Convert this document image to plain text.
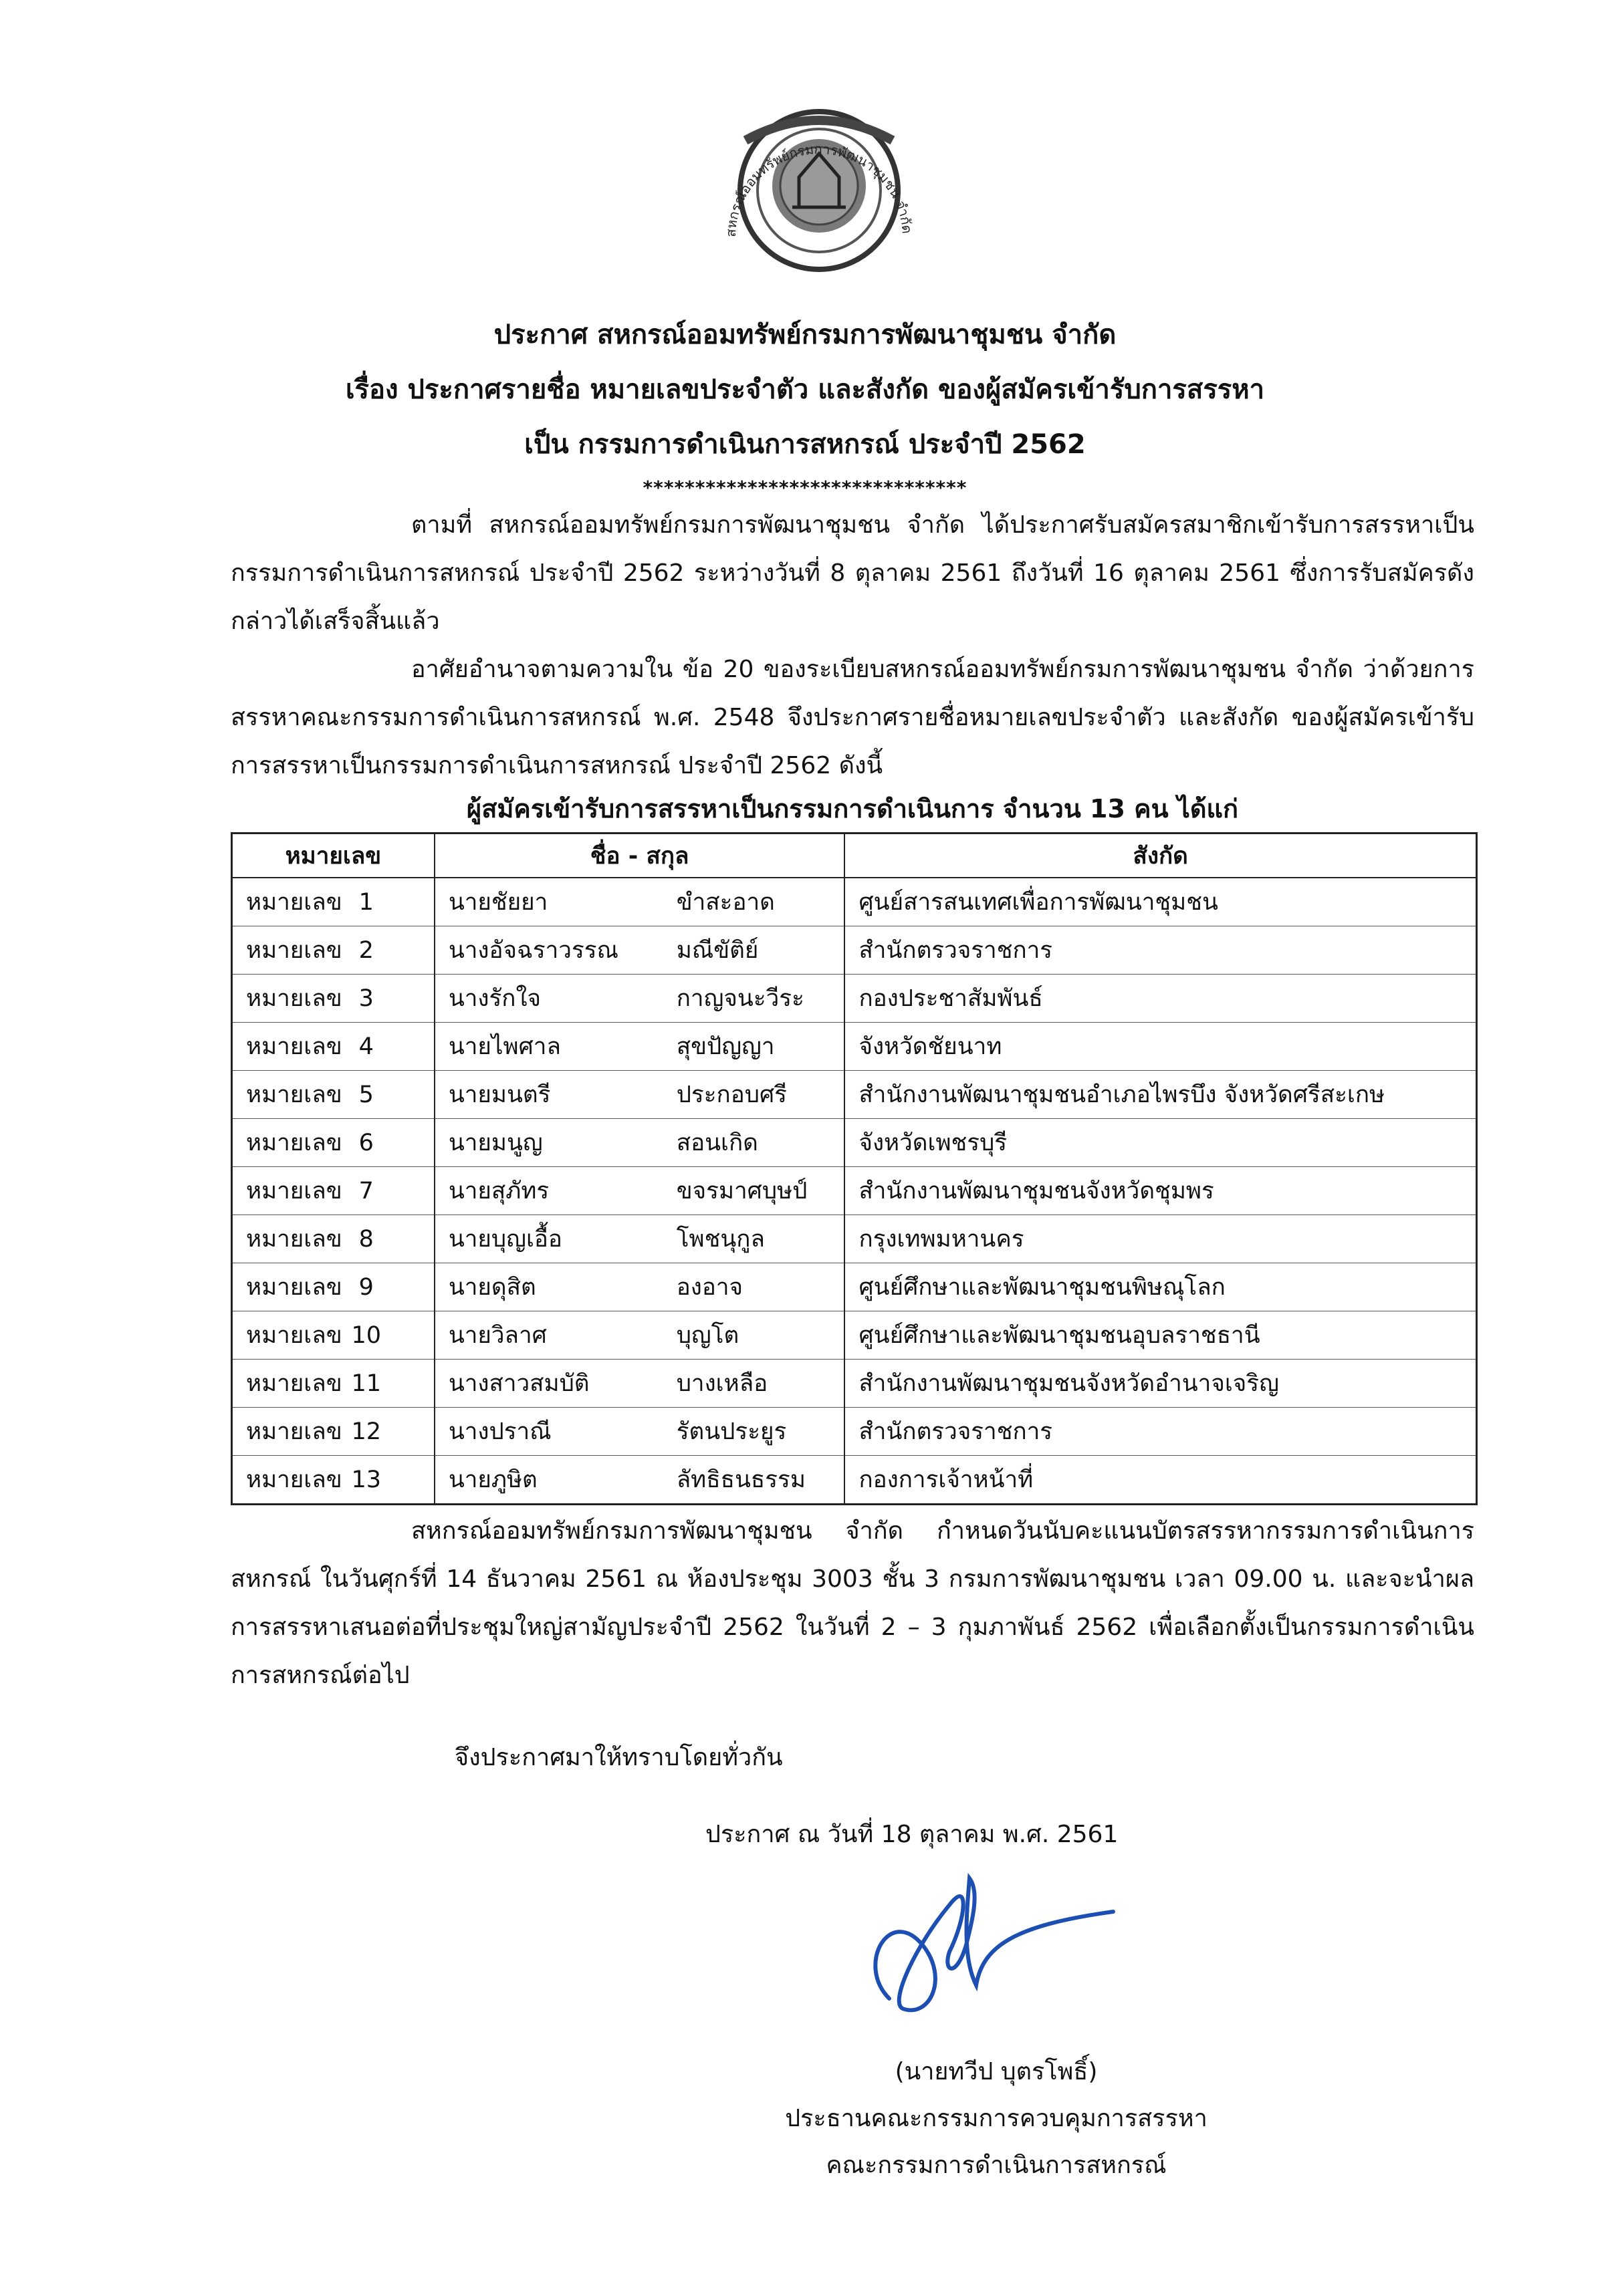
สหกรณ์ออมทรัพย์กรมการพัฒนาชุมชน จำกัด
ประกาศ สหกรณ์ออมทรัพย์กรมการพัฒนาชุมชน จำกัด
เรื่อง ประกาศรายชื่อ หมายเลขประจำตัว และสังกัด ของผู้สมัครเข้ารับการสรรหา
เป็น กรรมการดำเนินการสหกรณ์ ประจำปี 2562
*******************************

ตามที่ สหกรณ์ออมทรัพย์กรมการพัฒนาชุมชน จำกัด ได้ประกาศรับสมัครสมาชิกเข้ารับการสรรหาเป็นกรรมการดำเนินการสหกรณ์ ประจำปี 2562 ระหว่างวันที่ 8 ตุลาคม 2561 ถึงวันที่ 16 ตุลาคม 2561 ซึ่งการรับสมัครดังกล่าวได้เสร็จสิ้นแล้ว

อาศัยอำนาจตามความใน ข้อ 20 ของระเบียบสหกรณ์ออมทรัพย์กรมการพัฒนาชุมชน จำกัด ว่าด้วยการสรรหาคณะกรรมการดำเนินการสหกรณ์ พ.ศ. 2548 จึงประกาศรายชื่อหมายเลขประจำตัว และสังกัด ของผู้สมัครเข้ารับการสรรหาเป็นกรรมการดำเนินการสหกรณ์ ประจำปี 2562 ดังนี้

ผู้สมัครเข้ารับการสรรหาเป็นกรรมการดำเนินการ จำนวน 13 คน ได้แก่
หมายเลข	ชื่อ - สกุล		สังกัด
หมายเลข 1	นายชัยยา	ขำสะอาด	ศูนย์สารสนเทศเพื่อการพัฒนาชุมชน
หมายเลข 2	นางอัจฉราวรรณ	มณีขัติย์	สำนักตรวจราชการ
หมายเลข 3	นางรักใจ	กาญจนะวีระ	กองประชาสัมพันธ์
หมายเลข 4	นายไพศาล	สุขปัญญา	จังหวัดชัยนาท
หมายเลข 5	นายมนตรี	ประกอบศรี	สำนักงานพัฒนาชุมชนอำเภอไพรบึง จังหวัดศรีสะเกษ
หมายเลข 6	นายมนูญ	สอนเกิด	จังหวัดเพชรบุรี
หมายเลข 7	นายสุภัทร	ขจรมาศบุษป์	สำนักงานพัฒนาชุมชนจังหวัดชุมพร
หมายเลข 8	นายบุญเอื้อ	โพชนุกูล	กรุงเทพมหานคร
หมายเลข 9	นายดุสิต	องอาจ	ศูนย์ศึกษาและพัฒนาชุมชนพิษณุโลก
หมายเลข 10	นายวิลาศ	บุญโต	ศูนย์ศึกษาและพัฒนาชุมชนอุบลราชธานี
หมายเลข 11	นางสาวสมบัติ	บางเหลือ	สำนักงานพัฒนาชุมชนจังหวัดอำนาจเจริญ
หมายเลข 12	นางปราณี	รัตนประยูร	สำนักตรวจราชการ
หมายเลข 13	นายภูษิต	ลัทธิธนธรรม	กองการเจ้าหน้าที่

สหกรณ์ออมทรัพย์กรมการพัฒนาชุมชน จำกัด กำหนดวันนับคะแนนบัตรสรรหากรรมการดำเนินการสหกรณ์ ในวันศุกร์ที่ 14 ธันวาคม 2561 ณ ห้องประชุม 3003 ชั้น 3 กรมการพัฒนาชุมชน เวลา 09.00 น. และจะนำผลการสรรหาเสนอต่อที่ประชุมใหญ่สามัญประจำปี 2562 ในวันที่ 2 – 3 กุมภาพันธ์ 2562 เพื่อเลือกตั้งเป็นกรรมการดำเนินการสหกรณ์ต่อไป

จึงประกาศมาให้ทราบโดยทั่วกัน
ประกาศ ณ วันที่ 18 ตุลาคม พ.ศ. 2561
(นายทวีป บุตรโพธิ์)
ประธานคณะกรรมการควบคุมการสรรหา
คณะกรรมการดำเนินการสหกรณ์
